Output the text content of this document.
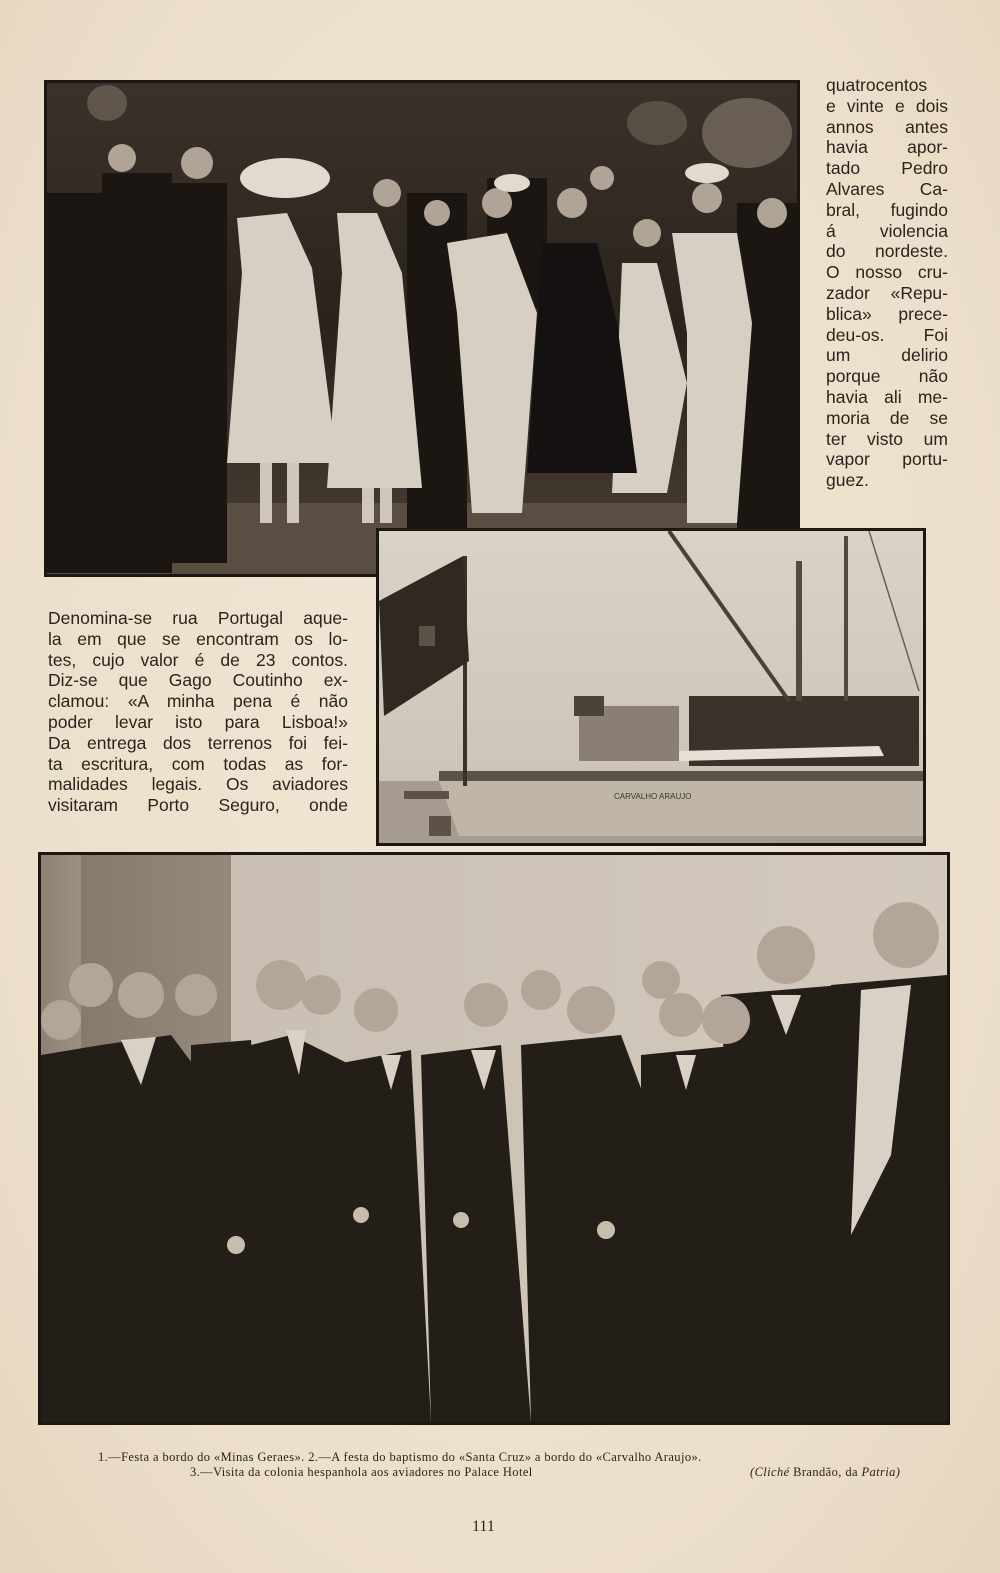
CARVALHO ARAUJO
quatrocentos
e vinte e dois
annos antes
havia apor-
tado Pedro
Alvares Ca-
bral, fugindo
á violencia
do nordeste.
O nosso cru-
zador «Repu-
blica» prece-
deu-os. Foi
um delirio
porque não
havia ali me-
moria de se
ter visto um
vapor portu-
guez.
Denomina-se rua Portugal aque-
la em que se encontram os lo-
tes, cujo valor é de 23 contos.
Diz-se que Gago Coutinho ex-
clamou: «A minha pena é não
poder levar isto para Lisboa!»
Da entrega dos terrenos foi fei-
ta escritura, com todas as for-
malidades legais. Os aviadores
visitaram Porto Seguro, onde
1.—Festa a bordo do «Minas Geraes». 2.—A festa do baptismo do «Santa Cruz» a bordo do «Carvalho Araujo».
3.—Visita da colonia hespanhola aos aviadores no Palace Hotel	(Cliché Brandão, da Patria)
111
